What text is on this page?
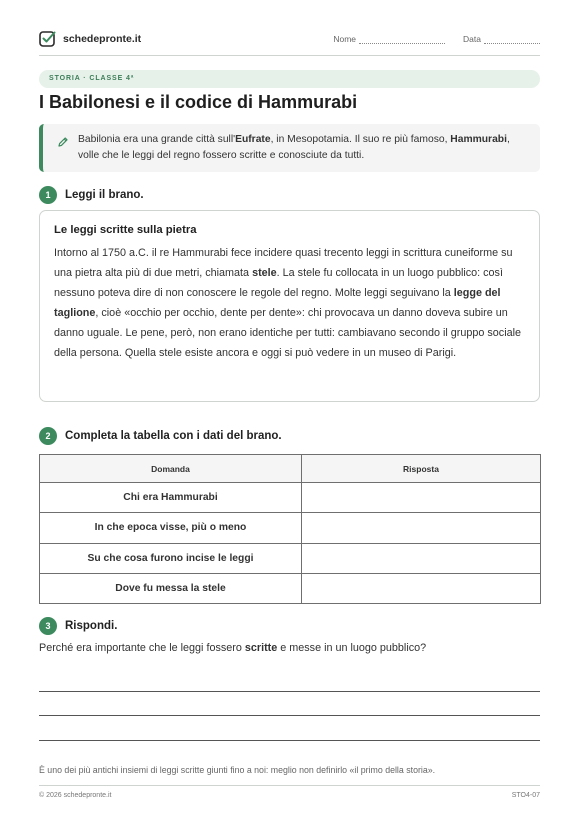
schedepronte.it	Nome	Data
STORIA · CLASSE 4ª
I Babilonesi e il codice di Hammurabi
Babilonia era una grande città sull'Eufrate, in Mesopotamia. Il suo re più famoso, Hammurabi, volle che le leggi del regno fossero scritte e conosciute da tutti.
1	Leggi il brano.
Le leggi scritte sulla pietra
Intorno al 1750 a.C. il re Hammurabi fece incidere quasi trecento leggi in scrittura cuneiforme su una pietra alta più di due metri, chiamata stele. La stele fu collocata in un luogo pubblico: così nessuno poteva dire di non conoscere le regole del regno. Molte leggi seguivano la legge del taglione, cioè «occhio per occhio, dente per dente»: chi provocava un danno doveva subire un danno uguale. Le pene, però, non erano identiche per tutti: cambiavano secondo il gruppo sociale della persona. Quella stele esiste ancora e oggi si può vedere in un museo di Parigi.
2	Completa la tabella con i dati del brano.
Domanda	Risposta
Chi era Hammurabi	
In che epoca visse, più o meno	
Su che cosa furono incise le leggi	
Dove fu messa la stele	
3	Rispondi.
Perché era importante che le leggi fossero scritte e messe in un luogo pubblico?
È uno dei più antichi insiemi di leggi scritte giunti fino a noi: meglio non definirlo «il primo della storia».
© 2026 schedepronte.it	STO4-07
